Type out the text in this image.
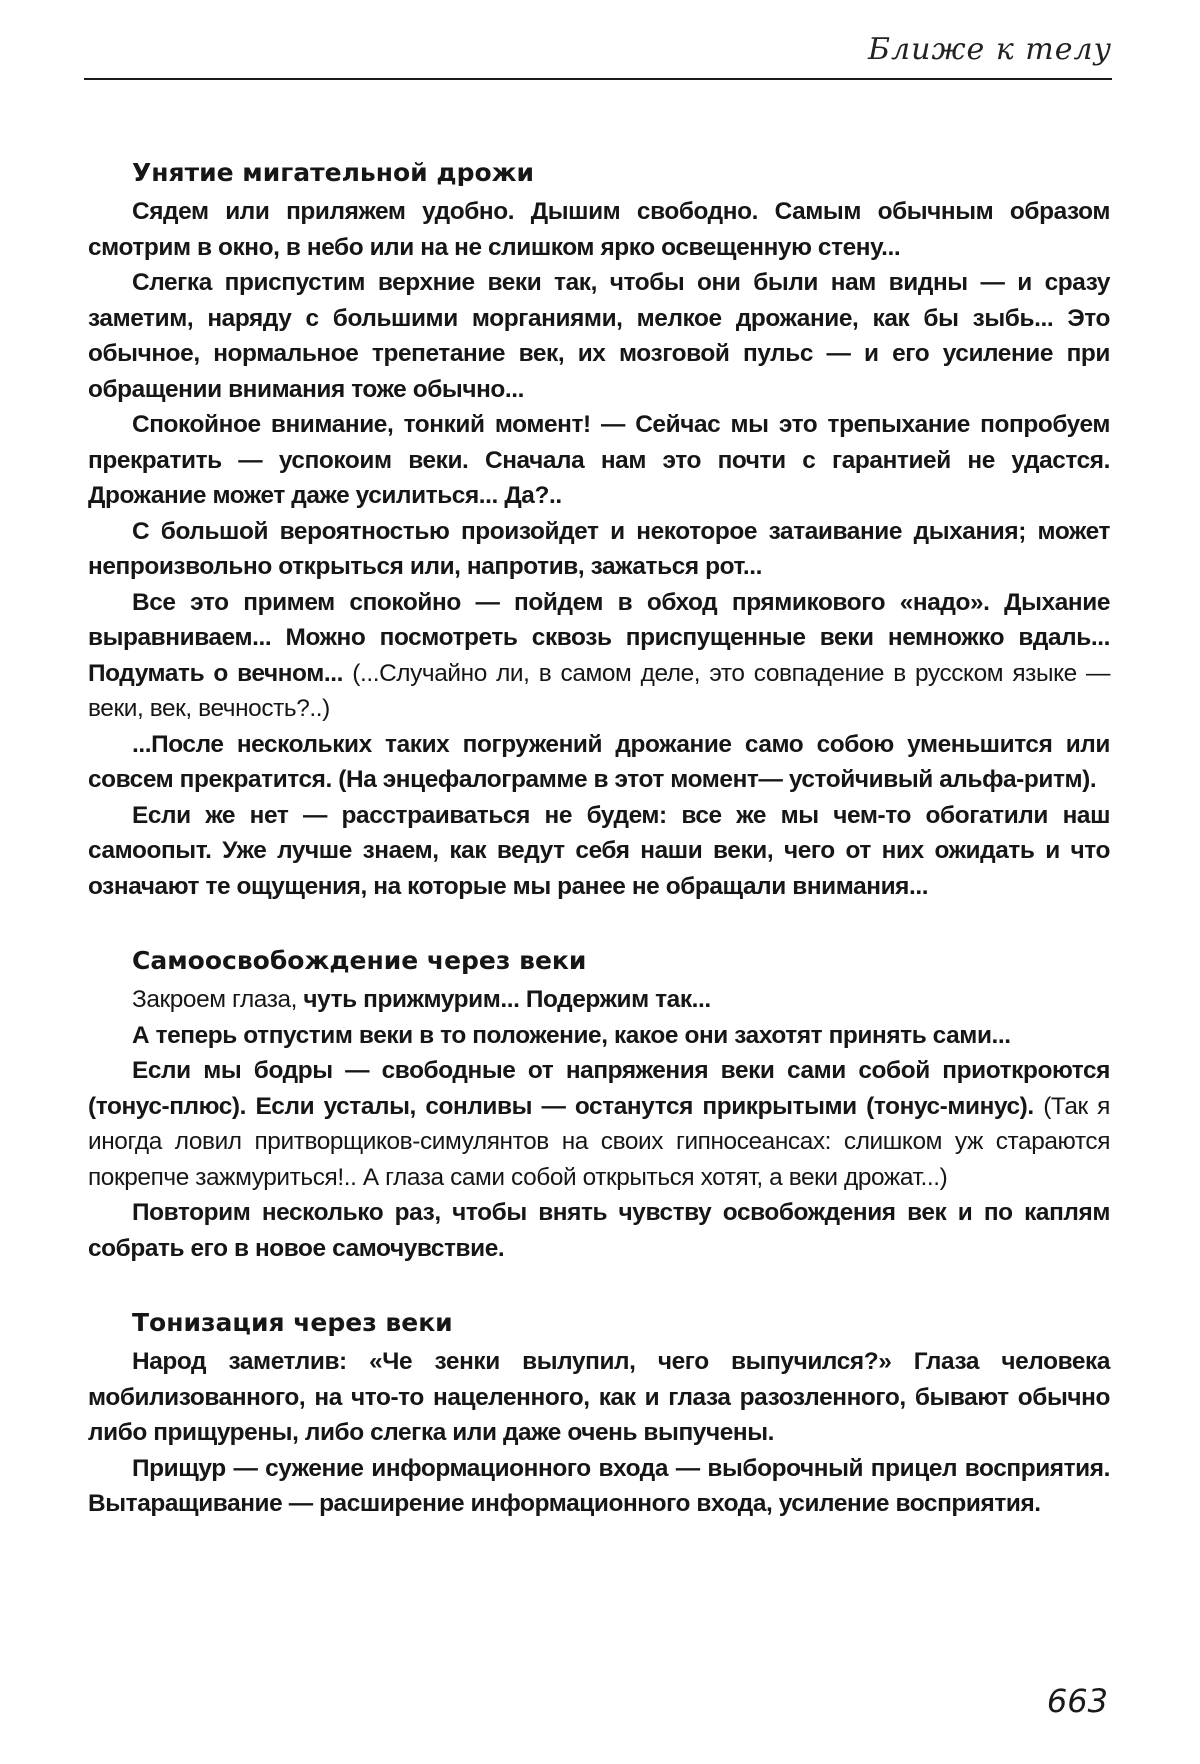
Ближе к телу
Унятие мигательной дрожи

Сядем или приляжем удобно. Дышим свободно. Самым обычным образом смотрим в окно, в небо или на не слишком ярко освещенную стену...

Слегка приспустим верхние веки так, чтобы они были нам видны — и сразу заметим, наряду с большими морганиями, мелкое дрожание, как бы зыбь... Это обычное, нормальное трепетание век, их мозговой пульс — и его усиление при обращении внимания тоже обычно...

Спокойное внимание, тонкий момент! — Сейчас мы это трепыхание попробуем прекратить — успокоим веки. Сначала нам это почти с гарантией не удастся. Дрожание может даже усилиться... Да?..

С большой вероятностью произойдет и некоторое затаивание дыхания; может непроизвольно открыться или, напротив, зажаться рот...

Все это примем спокойно — пойдем в обход прямикового «надо». Дыхание выравниваем... Можно посмотреть сквозь приспущенные веки немножко вдаль... Подумать о вечном... (...Случайно ли, в самом деле, это совпадение в русском языке — веки, век, вечность?..)

...После нескольких таких погружений дрожание само собою уменьшится или совсем прекратится. (На энцефалограмме в этот момент— устойчивый альфа-ритм).

Если же нет — расстраиваться не будем: все же мы чем-то обогатили наш самоопыт. Уже лучше знаем, как ведут себя наши веки, чего от них ожидать и что означают те ощущения, на которые мы ранее не обращали внимания...

Самоосвобождение через веки

Закроем глаза, чуть прижмурим... Подержим так...

А теперь отпустим веки в то положение, какое они захотят принять сами...

Если мы бодры — свободные от напряжения веки сами собой приоткроются (тонус-плюс). Если усталы, сонливы — останутся прикрытыми (тонус-минус). (Так я иногда ловил притворщиков-симулянтов на своих гипносеансах: слишком уж стараются покрепче зажмуриться!.. А глаза сами собой открыться хотят, а веки дрожат...)

Повторим несколько раз, чтобы внять чувству освобождения век и по каплям собрать его в новое самочувствие.

Тонизация через веки

Народ заметлив: «Че зенки вылупил, чего выпучился?» Глаза человека мобилизованного, на что-то нацеленного, как и глаза разозленного, бывают обычно либо прищурены, либо слегка или даже очень выпучены.

Прищур — сужение информационного входа — выборочный прицел восприятия. Вытаращивание — расширение информационного входа, усиление восприятия.

663
